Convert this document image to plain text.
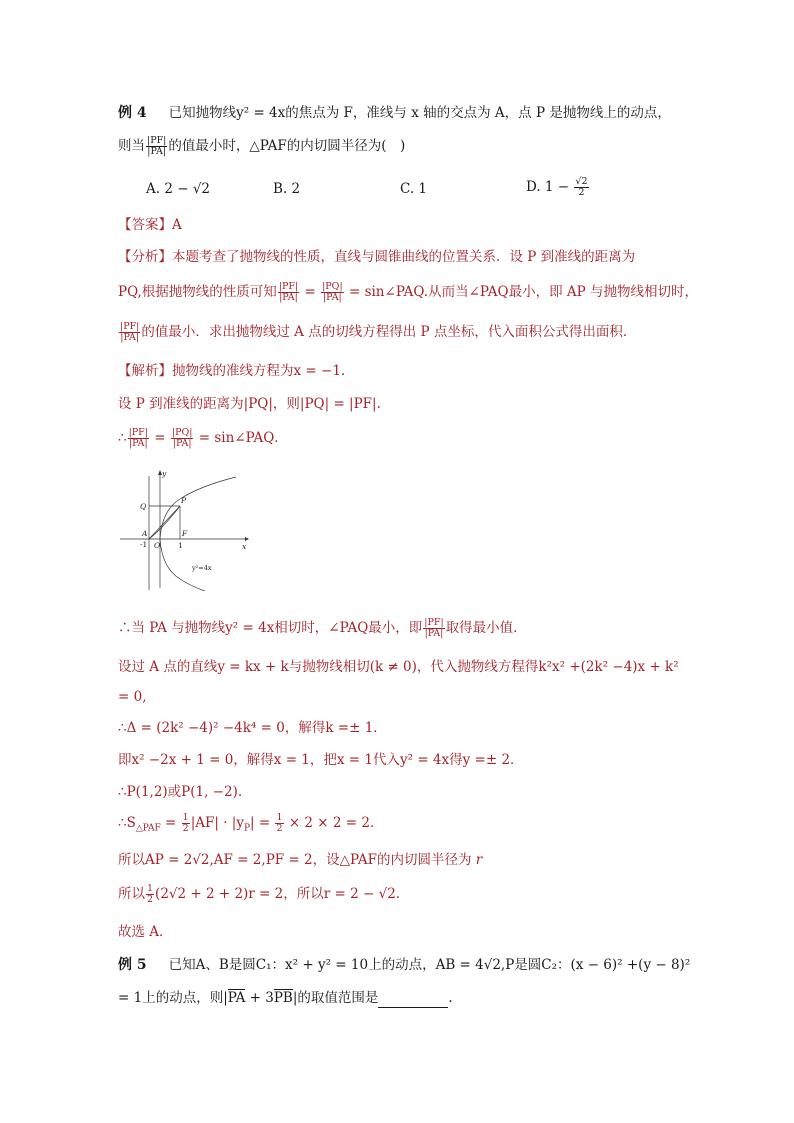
例 4 已知抛物线y² = 4x的焦点为 F，准线与 x 轴的交点为 A，点 P 是抛物线上的动点，
则当 $\frac{|PF|}{|PA|}$ 的值最小时，△PAF的内切圆半径为(　)
A. 2 − √2	B. 2	C. 1	D. $1 - \frac{√2}{2}$
【答案】A
【分析】本题考查了抛物线的性质，直线与圆锥曲线的位置关系．设 P 到准线的距离为
PQ,根据抛物线的性质可知 $\frac{|PF|}{|PA|} = \frac{|PQ|}{|PA|}$ = sin∠PAQ.从而当∠PAQ最小，即 AP 与抛物线相切时，
$\frac{|PF|}{|PA|}$ 的值最小．求出抛物线过 A 点的切线方程得出 P 点坐标，代入面积公式得出面积．
【解析】抛物线的准线方程为x = −1.
设 P 到准线的距离为|PQ|，则|PQ| = |PF|.
∴ $\frac{|PF|}{|PA|} = \frac{|PQ|}{|PA|}$ = sin∠PAQ．
y
x
Q
P
A	F
O
-1	1
y²=4x
∴当 PA 与抛物线y² = 4x相切时，∠PAQ最小，即 $\frac{|PF|}{|PA|}$ 取得最小值.
设过 A 点的直线y = kx + k与抛物线相切(k ≠ 0)，代入抛物线方程得k²x² +(2k² −4)x + k²
= 0,
∴Δ = (2k² −4)² −4k⁴ = 0，解得k =± 1．
即x² −2x + 1 = 0，解得x = 1，把x = 1代入y² = 4x得y =± 2．
∴P(1,2)或P(1, −2).
$\therefore S_{\triangle PAF} = \frac{1}{2} |AF| \cdot |y_P| = \frac{1}{2} \times 2 \times 2 = 2$．
所以AP = 2√2,AF = 2,PF = 2，设△PAF的内切圆半径为 r
所以 $\frac{1}{2} (2√2 + 2 + 2)r = 2$，所以r = 2 − √2.
故选 A．
例 5 已知A、B是圆C₁：x² + y² = 10上的动点，AB = 4√2,P是圆C₂：(x − 6)² +(y − 8)²
= 1上的动点，则|PA + 3PB|的取值范围是	.
